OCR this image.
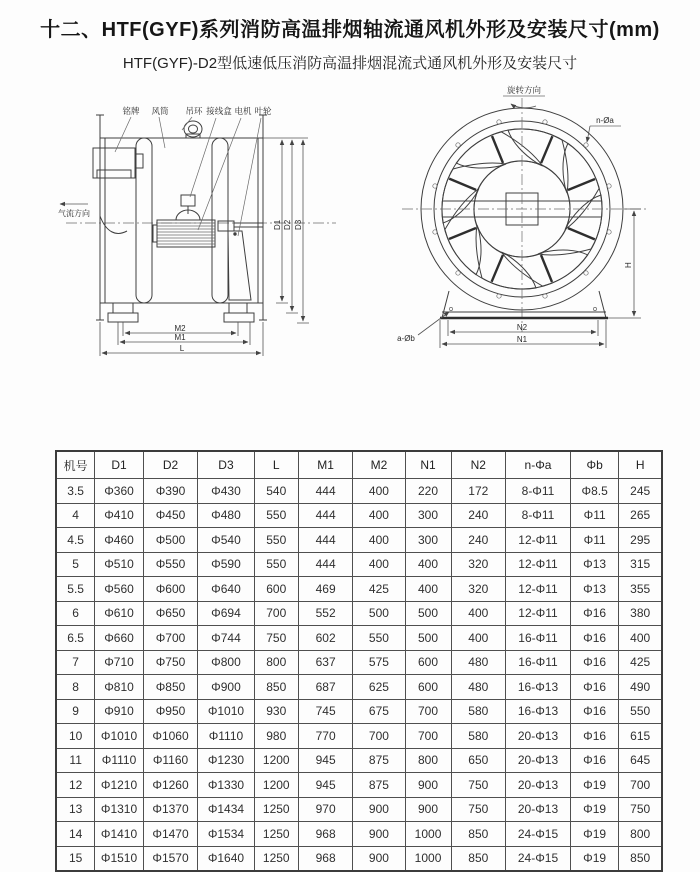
十二、HTF(GYF)系列消防高温排烟轴流通风机外形及安装尺寸(mm)
HTF(GYF)-D2型低速低压消防高温排烟混流式通风机外形及安装尺寸
气流方向
铭牌 风筒 吊环 接线盒 电机 叶轮
D1 D2 D3
M2
M1
L
旋转方向
n-Øa
a-Øb
N2
N1
H
机号	D1	D2	D3	L	M1	M2	N1	N2	n-Φa	Φb	H
3.5	Φ360	Φ390	Φ430	540	444	400	220	172	8-Φ11	Φ8.5	245
4	Φ410	Φ450	Φ480	550	444	400	300	240	8-Φ11	Φ11	265
4.5	Φ460	Φ500	Φ540	550	444	400	300	240	12-Φ11	Φ11	295
5	Φ510	Φ550	Φ590	550	444	400	400	320	12-Φ11	Φ13	315
5.5	Φ560	Φ600	Φ640	600	469	425	400	320	12-Φ11	Φ13	355
6	Φ610	Φ650	Φ694	700	552	500	500	400	12-Φ11	Φ16	380
6.5	Φ660	Φ700	Φ744	750	602	550	500	400	16-Φ11	Φ16	400
7	Φ710	Φ750	Φ800	800	637	575	600	480	16-Φ11	Φ16	425
8	Φ810	Φ850	Φ900	850	687	625	600	480	16-Φ13	Φ16	490
9	Φ910	Φ950	Φ1010	930	745	675	700	580	16-Φ13	Φ16	550
10	Φ1010	Φ1060	Φ1110	980	770	700	700	580	20-Φ13	Φ16	615
11	Φ1110	Φ1160	Φ1230	1200	945	875	800	650	20-Φ13	Φ16	645
12	Φ1210	Φ1260	Φ1330	1200	945	875	900	750	20-Φ13	Φ19	700
13	Φ1310	Φ1370	Φ1434	1250	970	900	900	750	20-Φ13	Φ19	750
14	Φ1410	Φ1470	Φ1534	1250	968	900	1000	850	24-Φ15	Φ19	800
15	Φ1510	Φ1570	Φ1640	1250	968	900	1000	850	24-Φ15	Φ19	850
